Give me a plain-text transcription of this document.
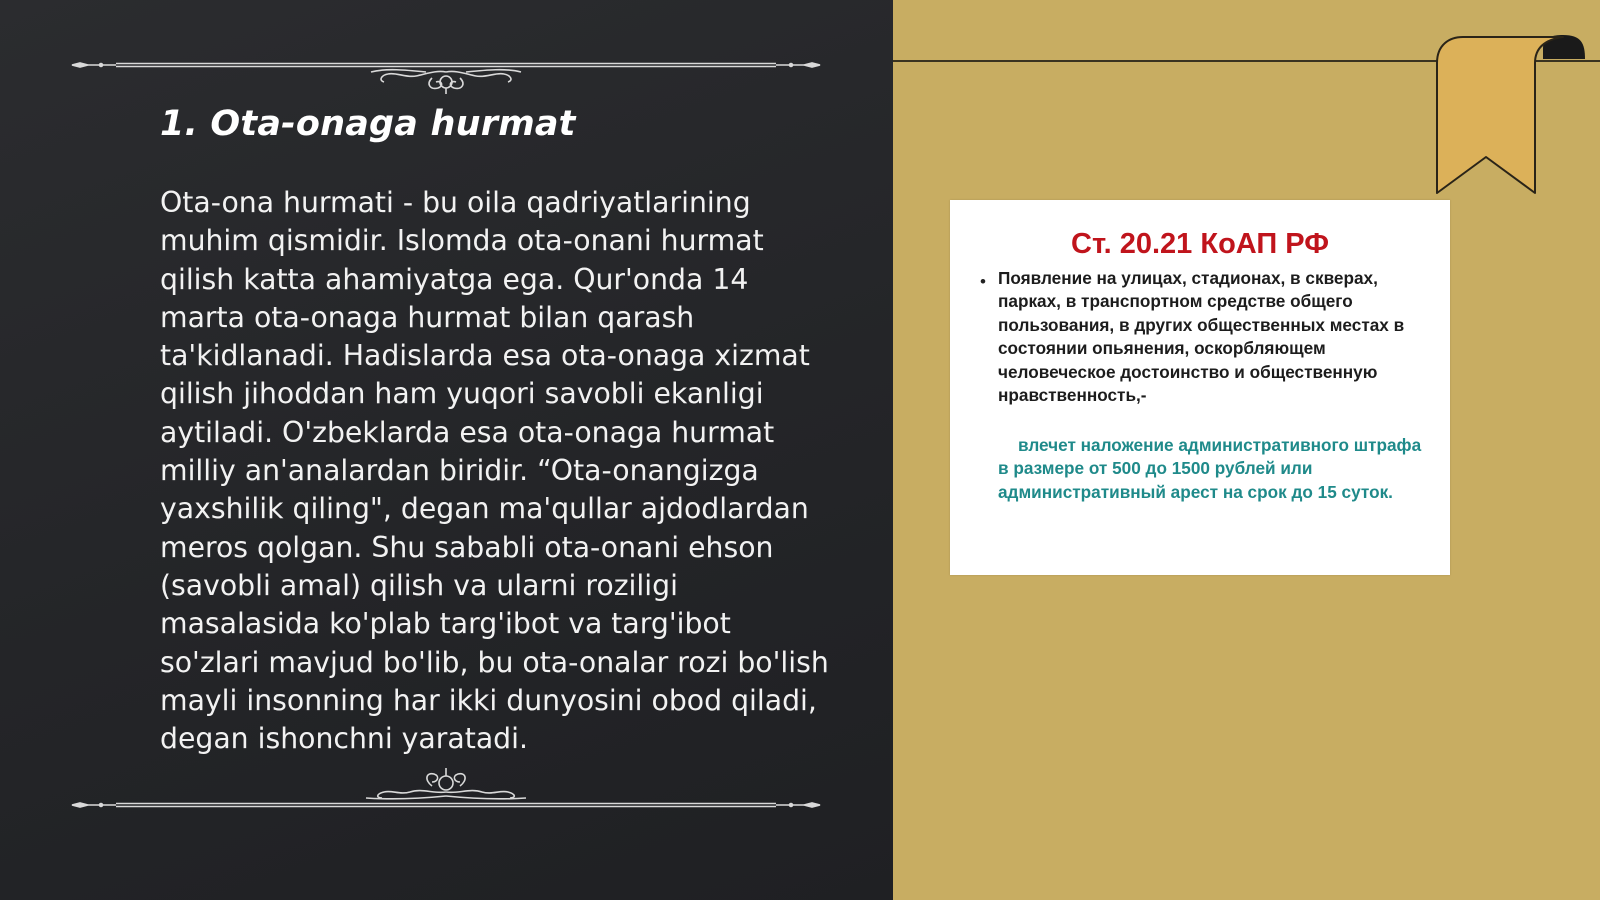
1. Ota-onaga hurmat

Ota-ona hurmati - bu oila qadriyatlarining muhim qismidir. Islomda ota-onani hurmat qilish katta ahamiyatga ega. Qur'onda 14 marta ota-onaga hurmat bilan qarash ta'kidlanadi. Hadislarda esa ota-onaga xizmat qilish jihoddan ham yuqori savobli ekanligi aytiladi. O'zbeklarda esa ota-onaga hurmat milliy an'analardan biridir. “Ota-onangizga yaxshilik qiling", degan ma'qullar ajdodlardan meros qolgan. Shu sababli ota-onani ehson (savobli amal) qilish va ularni roziligi masalasida ko'plab targ'ibot va targ'ibot so'zlari mavjud bo'lib, bu ota-onalar rozi bo'lish mayli insonning har ikki dunyosini obod qiladi, degan ishonchni yaratadi.

Ст. 20.21 КоАП РФ
• Появление на улицах, стадионах, в скверах, парках, в транспортном средстве общего пользования, в других общественных местах в состоянии опьянения, оскорбляющем человеческое достоинство и общественную нравственность,-

влечет наложение административного штрафа в размере от 500 до 1500 рублей или административный арест на срок до 15 суток.
